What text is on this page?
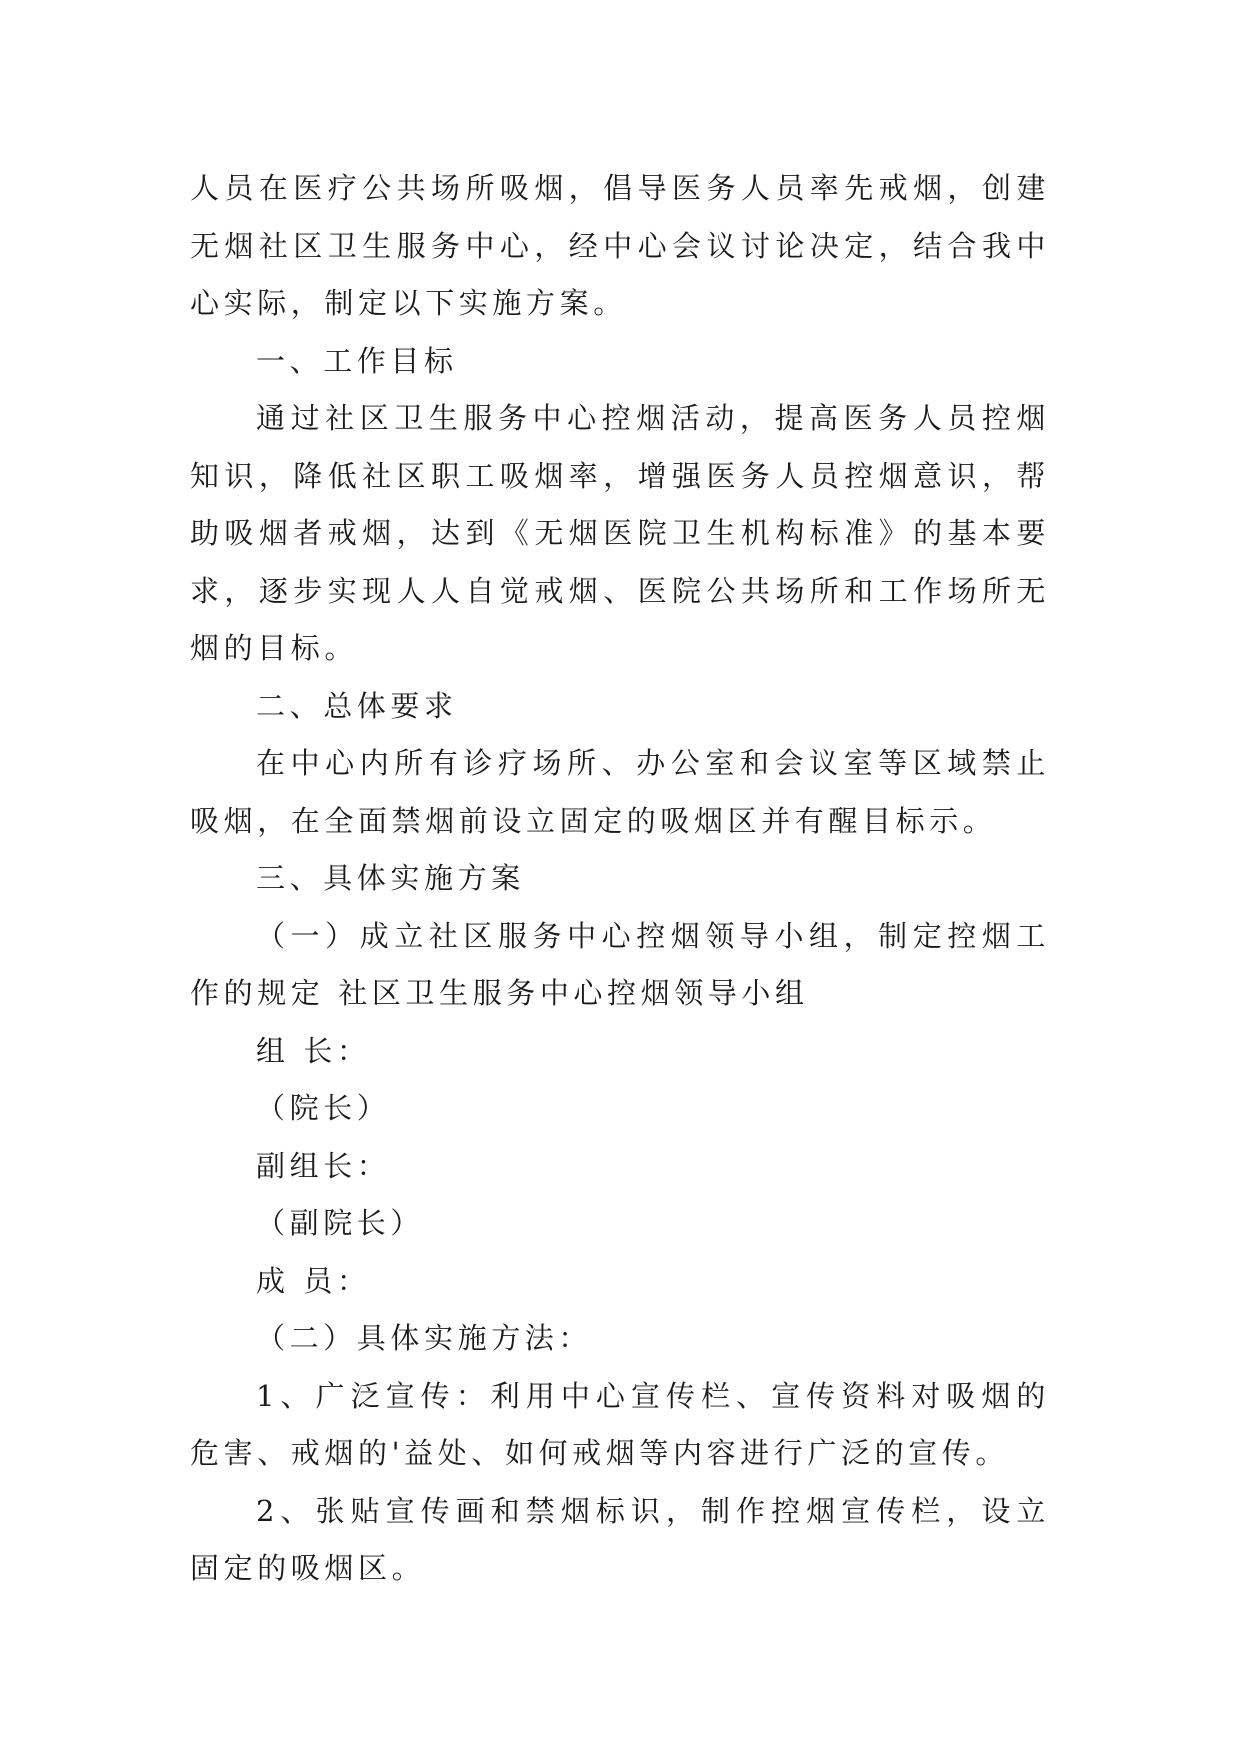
人员在医疗公共场所吸烟，倡导医务人员率先戒烟，创建无烟社区卫生服务中心，经中心会议讨论决定，结合我中心实际，制定以下实施方案。

一、工作目标

通过社区卫生服务中心控烟活动，提高医务人员控烟知识，降低社区职工吸烟率，增强医务人员控烟意识，帮助吸烟者戒烟，达到《无烟医院卫生机构标准》的基本要求，逐步实现人人自觉戒烟、医院公共场所和工作场所无烟的目标。

二、总体要求

在中心内所有诊疗场所、办公室和会议室等区域禁止吸烟，在全面禁烟前设立固定的吸烟区并有醒目标示。

三、具体实施方案

（一）成立社区服务中心控烟领导小组，制定控烟工作的规定 社区卫生服务中心控烟领导小组

组 长：

（院长）

副组长：

（副院长）

成 员：

（二）具体实施方法：

1、广泛宣传：利用中心宣传栏、宣传资料对吸烟的危害、戒烟的'益处、如何戒烟等内容进行广泛的宣传。

2、张贴宣传画和禁烟标识，制作控烟宣传栏，设立固定的吸烟区。
